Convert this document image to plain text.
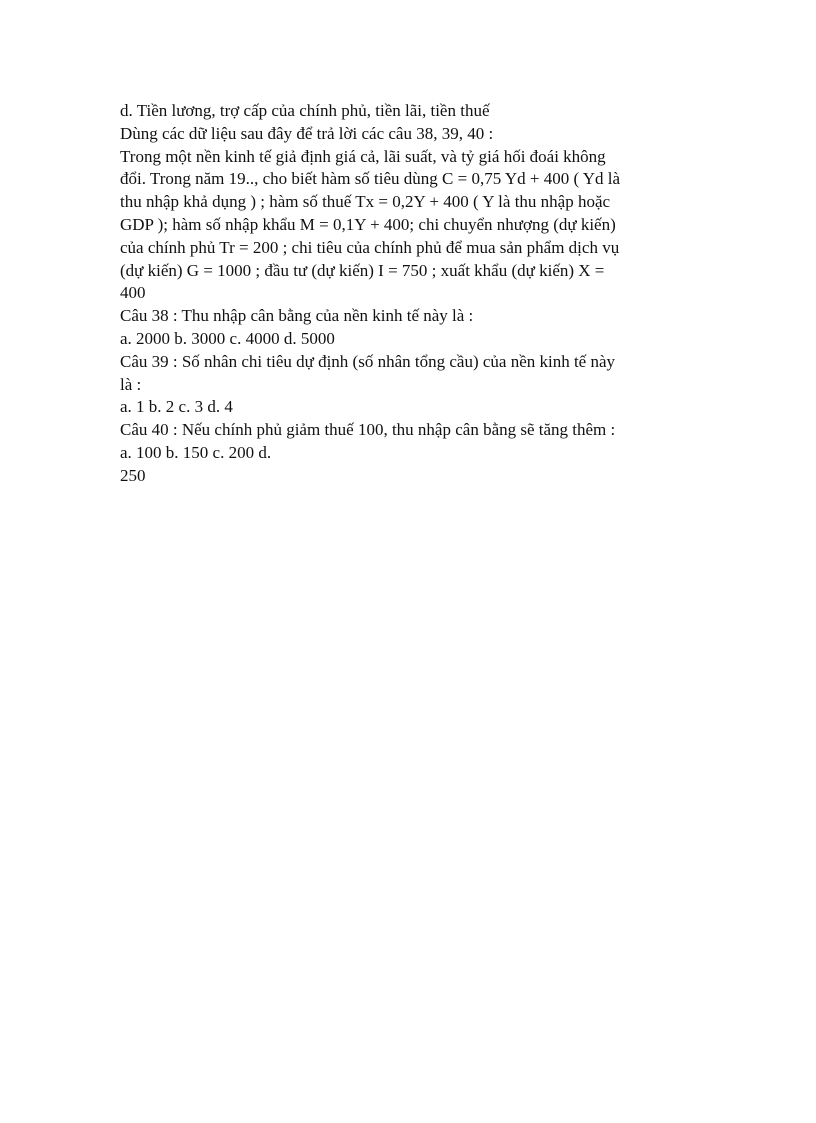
d. Tiền lương, trợ cấp của chính phủ, tiền lãi, tiền thuế
Dùng các dữ liệu sau đây để trả lời các câu 38, 39, 40 :
Trong một nền kinh tế giả định giá cả, lãi suất, và tỷ giá hối đoái không
đổi. Trong năm 19.., cho biết hàm số tiêu dùng C = 0,75 Yd + 400 ( Yd là
thu nhập khả dụng ) ; hàm số thuế Tx = 0,2Y + 400 ( Y là thu nhập hoặc
GDP ); hàm số nhập khẩu M = 0,1Y + 400; chi chuyển nhượng (dự kiến)
của chính phủ Tr = 200 ; chi tiêu của chính phủ để mua sản phẩm dịch vụ
(dự kiến) G = 1000 ; đầu tư (dự kiến) I = 750 ; xuất khẩu (dự kiến) X =
400
Câu 38 : Thu nhập cân bằng của nền kinh tế này là :
a. 2000 b. 3000 c. 4000 d. 5000
Câu 39 : Số nhân chi tiêu dự định (số nhân tổng cầu) của nền kinh tế này
là :
a. 1 b. 2 c. 3 d. 4
Câu 40 : Nếu chính phủ giảm thuế 100, thu nhập cân bằng sẽ tăng thêm :
a. 100 b. 150 c. 200 d.
250
